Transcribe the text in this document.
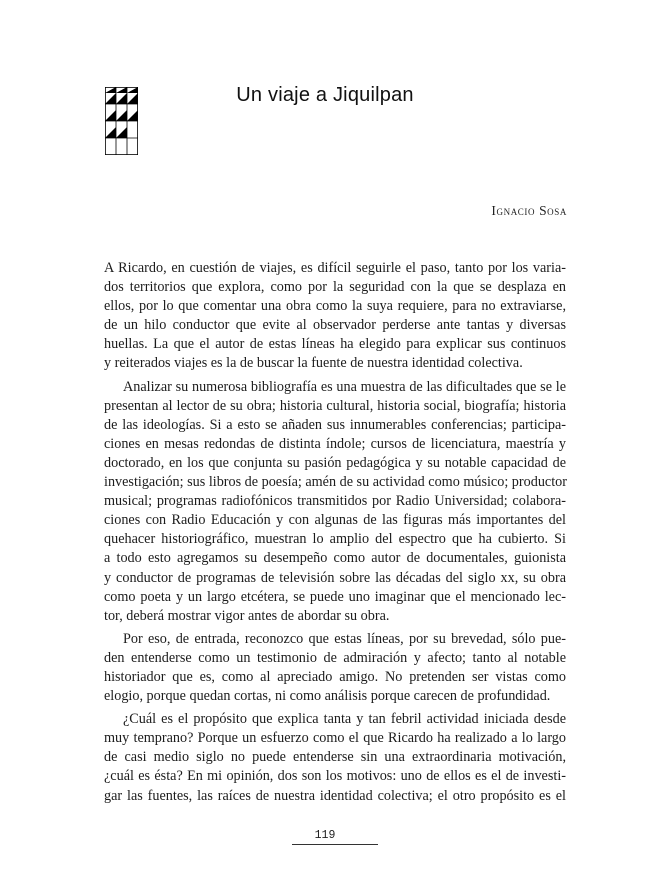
Un viaje a Jiquilpan
Ignacio Sosa
A Ricardo, en cuestión de viajes, es difícil seguirle el paso, tanto por los varia-
dos territorios que explora, como por la seguridad con la que se desplaza en
ellos, por lo que comentar una obra como la suya requiere, para no extraviarse,
de un hilo conductor que evite al observador perderse ante tantas y diversas
huellas. La que el autor de estas líneas ha elegido para explicar sus continuos
y reiterados viajes es la de buscar la fuente de nuestra identidad colectiva.
Analizar su numerosa bibliografía es una muestra de las dificultades que se le
presentan al lector de su obra; historia cultural, historia social, biografía; historia
de las ideologías. Si a esto se añaden sus innumerables conferencias; participa-
ciones en mesas redondas de distinta índole; cursos de licenciatura, maestría y
doctorado, en los que conjunta su pasión pedagógica y su notable capacidad de
investigación; sus libros de poesía; amén de su actividad como músico; productor
musical; programas radiofónicos transmitidos por Radio Universidad; colabora-
ciones con Radio Educación y con algunas de las figuras más importantes del
quehacer historiográfico, muestran lo amplio del espectro que ha cubierto. Si
a todo esto agregamos su desempeño como autor de documentales, guionista
y conductor de programas de televisión sobre las décadas del siglo xx, su obra
como poeta y un largo etcétera, se puede uno imaginar que el mencionado lec-
tor, deberá mostrar vigor antes de abordar su obra.
Por eso, de entrada, reconozco que estas líneas, por su brevedad, sólo pue-
den entenderse como un testimonio de admiración y afecto; tanto al notable
historiador que es, como al apreciado amigo. No pretenden ser vistas como
elogio, porque quedan cortas, ni como análisis porque carecen de profundidad.
¿Cuál es el propósito que explica tanta y tan febril actividad iniciada desde
muy temprano? Porque un esfuerzo como el que Ricardo ha realizado a lo largo
de casi medio siglo no puede entenderse sin una extraordinaria motivación,
¿cuál es ésta? En mi opinión, dos son los motivos: uno de ellos es el de investi-
gar las fuentes, las raíces de nuestra identidad colectiva; el otro propósito es el
119
